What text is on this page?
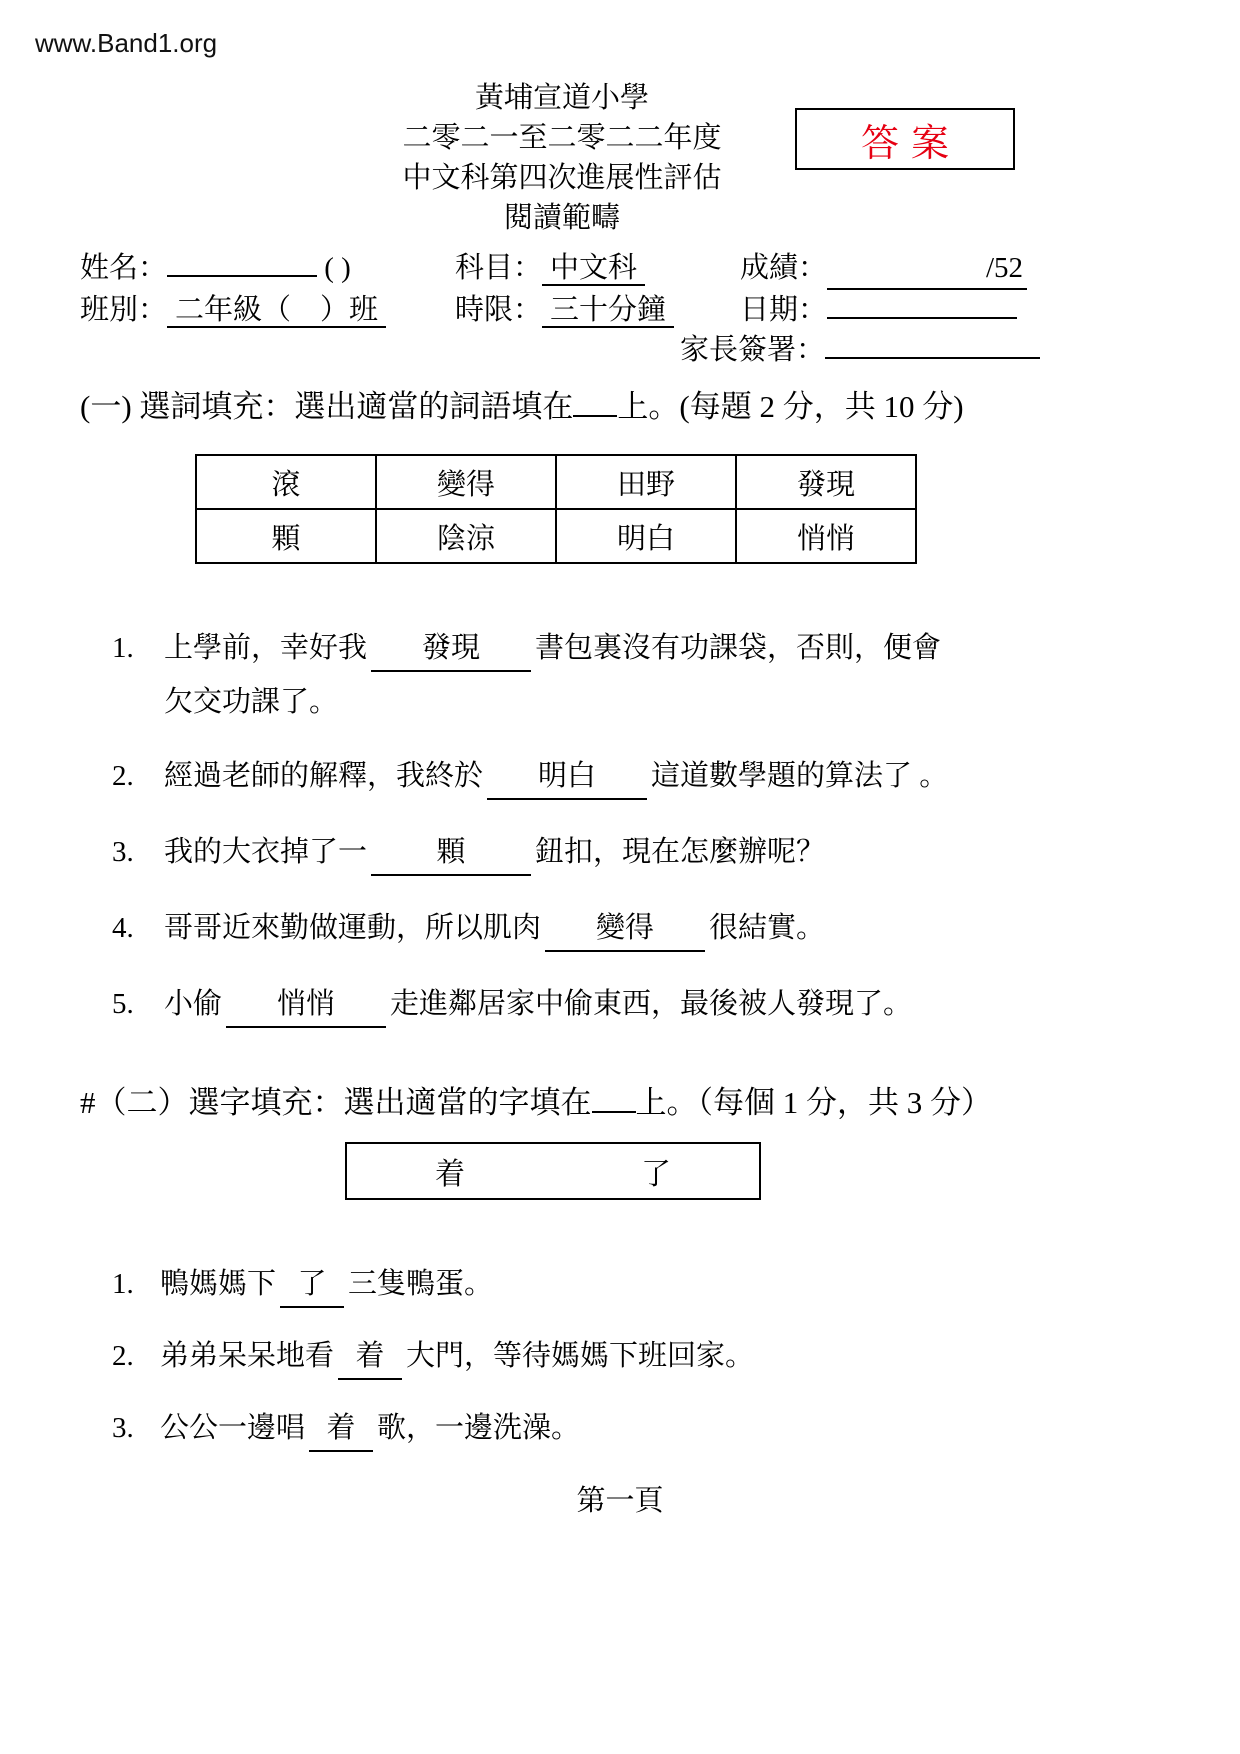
www.Band1.org
答案
黃埔宣道小學
二零二一至二零二二年度
中文科第四次進展性評估
閱讀範疇
姓名：	( )	科目： 中文科	成績：	/52
班別： 二年級（　）班	時限： 三十分鐘	日期：
家長簽署：
(一) 選詞填充：選出適當的詞語填在 上。(每題 2 分，共 10 分)
滾	變得	田野	發現
顆	陰涼	明白	悄悄
1.	上學前，幸好我 發現 書包裏沒有功課袋，否則，便會
欠交功課了。
2.	經過老師的解釋，我終於 明白 這道數學題的算法了 。
3.	我的大衣掉了一 顆 鈕扣，現在怎麼辦呢？
4.	哥哥近來勤做運動，所以肌肉 變得 很結實。
5.	小偷 悄悄 走進鄰居家中偷東西，最後被人發現了。
#（二）選字填充：選出適當的字填在 上。（每個 1 分，共 3 分）
着	了
1. 鴨媽媽下 了 三隻鴨蛋。
2. 弟弟呆呆地看 着 大門，等待媽媽下班回家。
3. 公公一邊唱 着 歌，一邊洗澡。
第一頁
